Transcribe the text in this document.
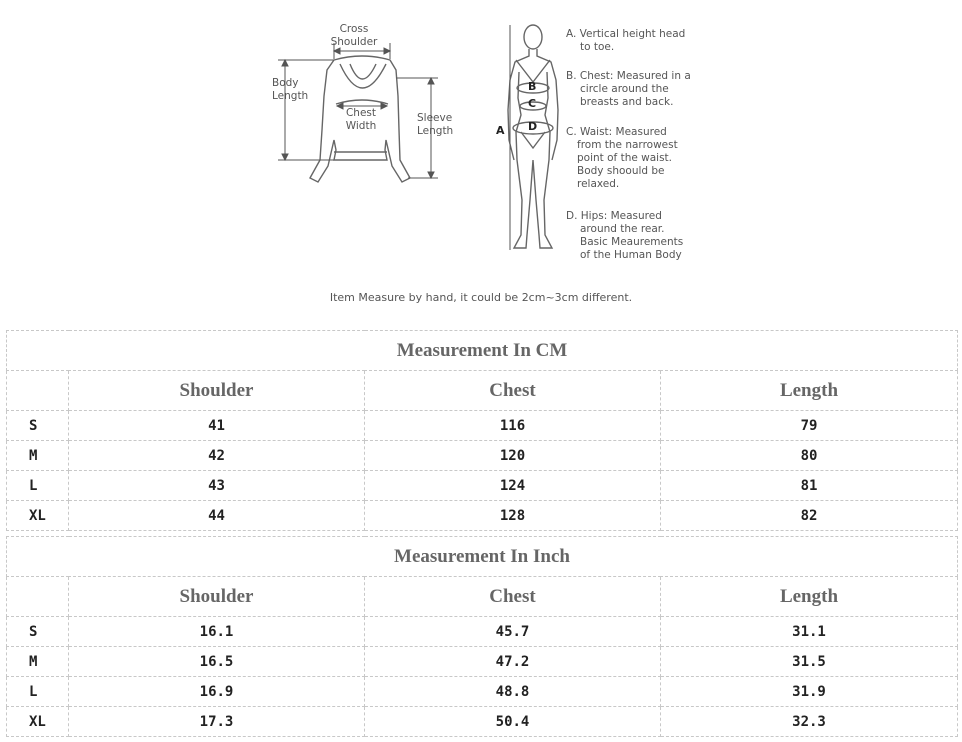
Cross
Shoulder
Body
Length
Chest
Width
Sleeve
Length	A
B
C
D
A. Vertical height head
to toe.
B. Chest: Measured in a
circle around the
breasts and back.
C. Waist: Measured
from the narrowest
point of the waist.
Body shoould be
relaxed.
D. Hips: Measured
around the rear.
Basic Meaurements
of the Human Body
Item Measure by hand, it could be 2cm~3cm different.
Measurement In CM			
	Shoulder	Chest	Length
S	41	116	79
M	42	120	80
L	43	124	81
XL	44	128	82
Measurement In Inch			
	Shoulder	Chest	Length
S	16.1	45.7	31.1
M	16.5	47.2	31.5
L	16.9	48.8	31.9
XL	17.3	50.4	32.3
